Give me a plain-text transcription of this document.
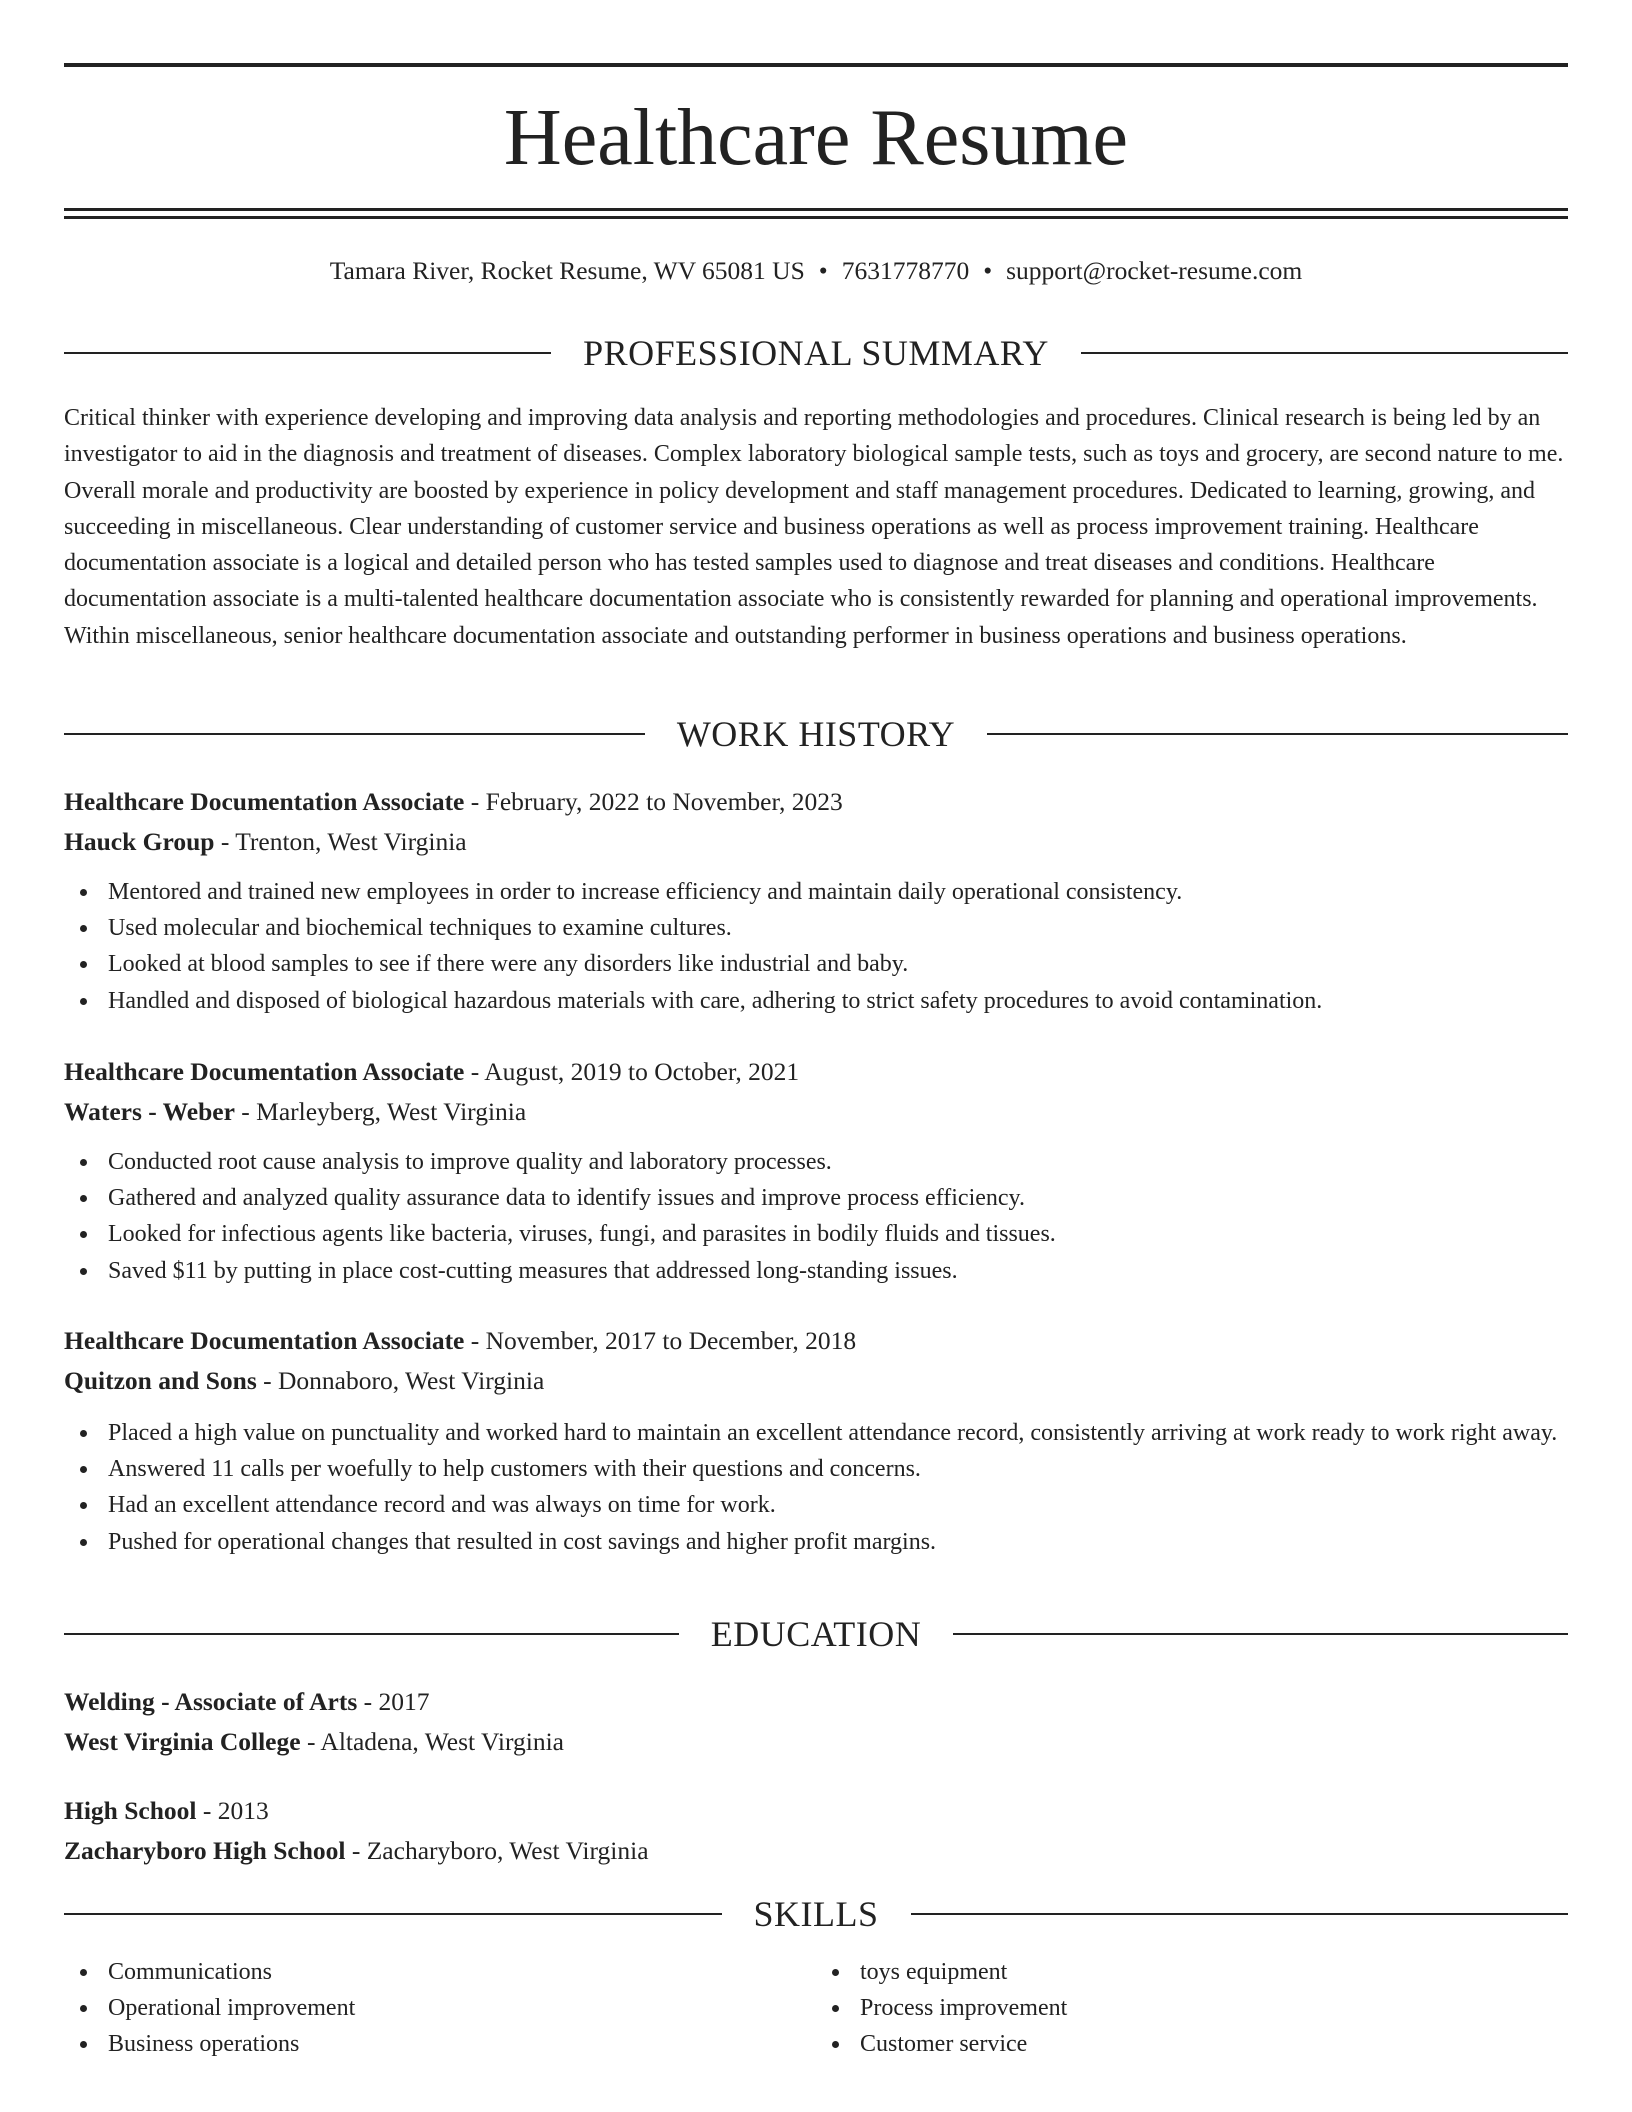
Healthcare Resume
Tamara River, Rocket Resume, WV 65081 US • 7631778770 • support@rocket-resume.com
PROFESSIONAL SUMMARY

Critical thinker with experience developing and improving data analysis and reporting methodologies and procedures. Clinical research is being led by an investigator to aid in the diagnosis and treatment of diseases. Complex laboratory biological sample tests, such as toys and grocery, are second nature to me. Overall morale and productivity are boosted by experience in policy development and staff management procedures. Dedicated to learning, growing, and succeeding in miscellaneous. Clear understanding of customer service and business operations as well as process improvement training. Healthcare documentation associate is a logical and detailed person who has tested samples used to diagnose and treat diseases and conditions. Healthcare documentation associate is a multi-talented healthcare documentation associate who is consistently rewarded for planning and operational improvements. Within miscellaneous, senior healthcare documentation associate and outstanding performer in business operations and business operations.

WORK HISTORY
Healthcare Documentation Associate - February, 2022 to November, 2023
Hauck Group - Trenton, West Virginia
Mentored and trained new employees in order to increase efficiency and maintain daily operational consistency.
Used molecular and biochemical techniques to examine cultures.
Looked at blood samples to see if there were any disorders like industrial and baby.
Handled and disposed of biological hazardous materials with care, adhering to strict safety procedures to avoid contamination.
Healthcare Documentation Associate - August, 2019 to October, 2021
Waters - Weber - Marleyberg, West Virginia
Conducted root cause analysis to improve quality and laboratory processes.
Gathered and analyzed quality assurance data to identify issues and improve process efficiency.
Looked for infectious agents like bacteria, viruses, fungi, and parasites in bodily fluids and tissues.
Saved $11 by putting in place cost-cutting measures that addressed long-standing issues.
Healthcare Documentation Associate - November, 2017 to December, 2018
Quitzon and Sons - Donnaboro, West Virginia
Placed a high value on punctuality and worked hard to maintain an excellent attendance record, consistently arriving at work ready to work right away.
Answered 11 calls per woefully to help customers with their questions and concerns.
Had an excellent attendance record and was always on time for work.
Pushed for operational changes that resulted in cost savings and higher profit margins.
EDUCATION
Welding - Associate of Arts - 2017
West Virginia College - Altadena, West Virginia
High School - 2013
Zacharyboro High School - Zacharyboro, West Virginia
SKILLS
Communications
Operational improvement
Business operations
toys equipment
Process improvement
Customer service
